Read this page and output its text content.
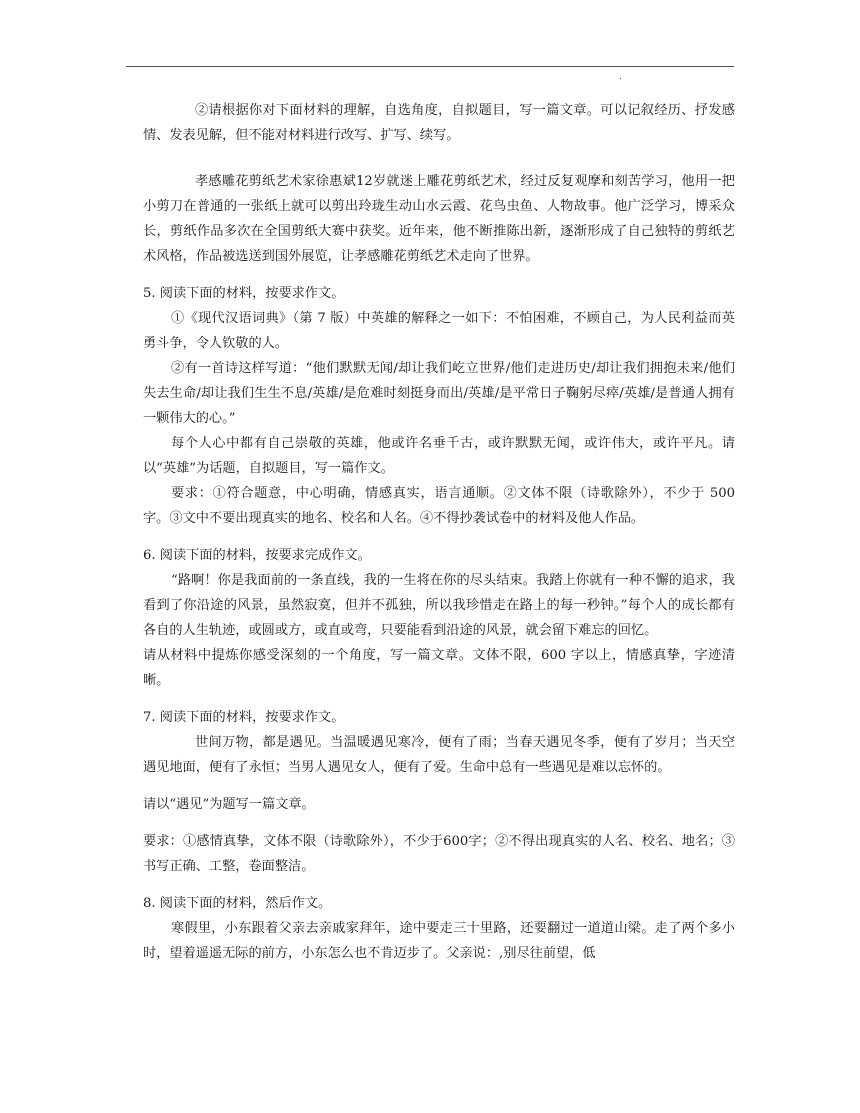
.

②请根据你对下面材料的理解，自选角度，自拟题目，写一篇文章。可以记叙经历、抒发感情、发表见解，但不能对材料进行改写、扩写、续写。

孝感雕花剪纸艺术家徐惠斌12岁就迷上雕花剪纸艺术，经过反复观摩和刻苦学习，他用一把小剪刀在普通的一张纸上就可以剪出玲珑生动山水云霞、花鸟虫鱼、人物故事。他广泛学习，博采众长，剪纸作品多次在全国剪纸大赛中获奖。近年来，他不断推陈出新，逐渐形成了自己独特的剪纸艺术风格，作品被选送到国外展览，让孝感雕花剪纸艺术走向了世界。

5. 阅读下面的材料，按要求作文。

①《现代汉语词典》（第 7 版）中英雄的解释之一如下：不怕困难，不顾自己，为人民利益而英勇斗争，令人钦敬的人。

②有一首诗这样写道：“他们默默无闻/却让我们屹立世界/他们走进历史/却让我们拥抱未来/他们失去生命/却让我们生生不息/英雄/是危难时刻挺身而出/英雄/是平常日子鞠躬尽瘁/英雄/是普通人拥有一颗伟大的心。”

每个人心中都有自己崇敬的英雄，他或许名垂千古，或许默默无闻，或许伟大，或许平凡。请以“英雄”为话题，自拟题目，写一篇作文。

要求：①符合题意，中心明确，情感真实，语言通顺。②文体不限（诗歌除外），不少于 500 字。③文中不要出现真实的地名、校名和人名。④不得抄袭试卷中的材料及他人作品。

6. 阅读下面的材料，按要求完成作文。

“路啊！你是我面前的一条直线，我的一生将在你的尽头结束。我踏上你就有一种不懈的追求，我看到了你沿途的风景，虽然寂寞，但并不孤独，所以我珍惜走在路上的每一秒钟。”每个人的成长都有各自的人生轨迹，或圆或方，或直或弯，只要能看到沿途的风景，就会留下难忘的回忆。

请从材料中提炼你感受深刻的一个角度，写一篇文章。文体不限，600 字以上，情感真挚，字迹清晰。

7. 阅读下面的材料，按要求作文。

世间万物，都是遇见。当温暖遇见寒冷，便有了雨；当春天遇见冬季，便有了岁月；当天空遇见地面，便有了永恒；当男人遇见女人，便有了爱。生命中总有一些遇见是难以忘怀的。

请以“遇见”为题写一篇文章。

要求：①感情真挚，文体不限（诗歌除外），不少于600字；②不得出现真实的人名、校名、地名；③书写正确、工整，卷面整洁。

8. 阅读下面的材料，然后作文。

寒假里，小东跟着父亲去亲戚家拜年，途中要走三十里路，还要翻过一道道山梁。走了两个多小时，望着遥遥无际的前方，小东怎么也不肯迈步了。父亲说：,别尽往前望，低
